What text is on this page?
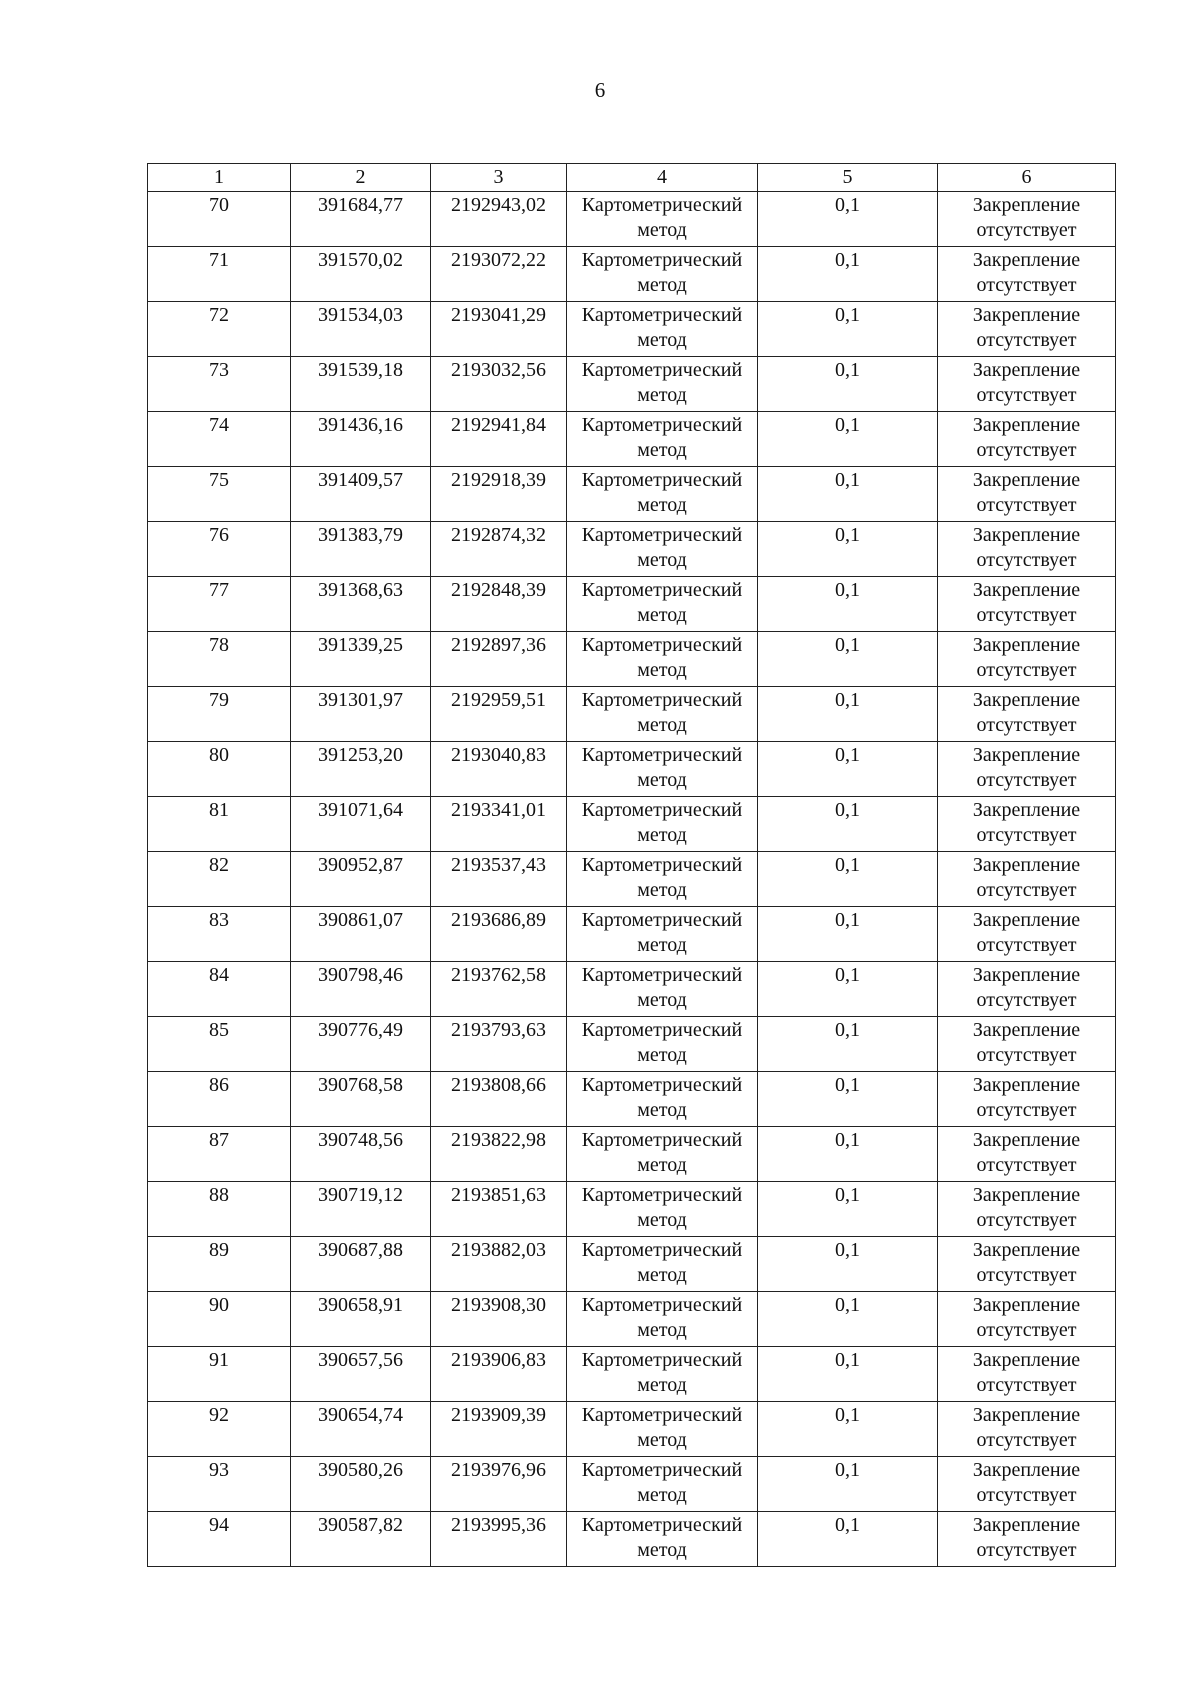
6
1	2	3	4	5	6

70	391684,77	2192943,02	Картометрический метод	0,1	Закрепление отсутствует

71	391570,02	2193072,22	Картометрический метод	0,1	Закрепление отсутствует

72	391534,03	2193041,29	Картометрический метод	0,1	Закрепление отсутствует

73	391539,18	2193032,56	Картометрический метод	0,1	Закрепление отсутствует

74	391436,16	2192941,84	Картометрический метод	0,1	Закрепление отсутствует

75	391409,57	2192918,39	Картометрический метод	0,1	Закрепление отсутствует

76	391383,79	2192874,32	Картометрический метод	0,1	Закрепление отсутствует

77	391368,63	2192848,39	Картометрический метод	0,1	Закрепление отсутствует

78	391339,25	2192897,36	Картометрический метод	0,1	Закрепление отсутствует

79	391301,97	2192959,51	Картометрический метод	0,1	Закрепление отсутствует

80	391253,20	2193040,83	Картометрический метод	0,1	Закрепление отсутствует

81	391071,64	2193341,01	Картометрический метод	0,1	Закрепление отсутствует

82	390952,87	2193537,43	Картометрический метод	0,1	Закрепление отсутствует

83	390861,07	2193686,89	Картометрический метод	0,1	Закрепление отсутствует

84	390798,46	2193762,58	Картометрический метод	0,1	Закрепление отсутствует

85	390776,49	2193793,63	Картометрический метод	0,1	Закрепление отсутствует

86	390768,58	2193808,66	Картометрический метод	0,1	Закрепление отсутствует

87	390748,56	2193822,98	Картометрический метод	0,1	Закрепление отсутствует

88	390719,12	2193851,63	Картометрический метод	0,1	Закрепление отсутствует

89	390687,88	2193882,03	Картометрический метод	0,1	Закрепление отсутствует

90	390658,91	2193908,30	Картометрический метод	0,1	Закрепление отсутствует

91	390657,56	2193906,83	Картометрический метод	0,1	Закрепление отсутствует

92	390654,74	2193909,39	Картометрический метод	0,1	Закрепление отсутствует

93	390580,26	2193976,96	Картометрический метод	0,1	Закрепление отсутствует

94	390587,82	2193995,36	Картометрический метод	0,1	Закрепление отсутствует
